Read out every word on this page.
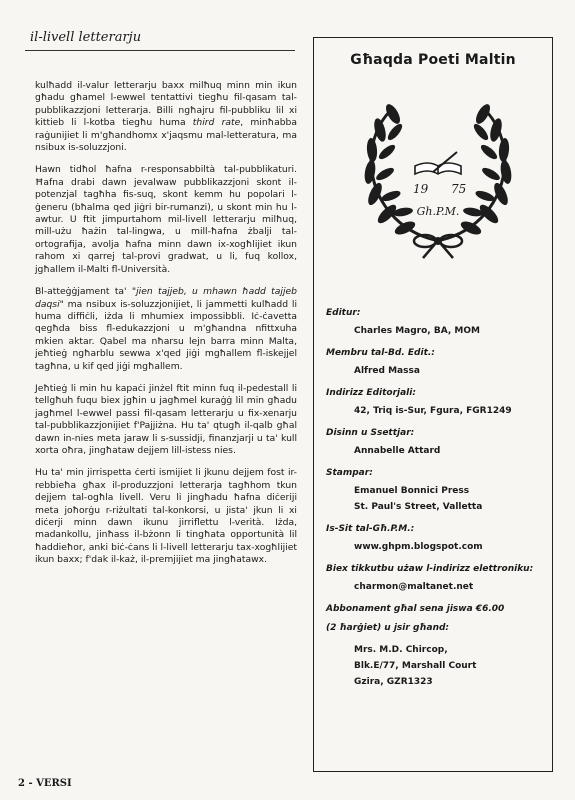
il-livell letterarju

kulħadd il-valur letterarju baxx milħuq minn min ikun għadu għamel l-ewwel tentattivi tiegħu fil-qasam tal-pubblikazzjoni letterarja. Billi ngħajru fil-pubbliku lil xi kittieb li l-kotba tiegħu huma third rate, minħabba raġunijiet li m'għandhomx x'jaqsmu mal-letteratura, ma nsibux is-soluzzjoni.

Hawn tidħol ħafna r-responsabbiltà tal-pubblikaturi. Ħafna drabi dawn jevalwaw pubblikazzjoni skont il-potenzjal tagħha fis-suq, skont kemm hu popolari l-ġeneru (bħalma qed jiġri bir-rumanzi), u skont min hu l-awtur. U ftit jimpurtahom mil-livell letterarju milħuq, mill-użu ħażin tal-lingwa, u mill-ħafna żbalji tal-ortografija, avolja ħafna minn dawn ix-xogħlijiet ikun rahom xi qarrej tal-provi gradwat, u li, fuq kollox, jgħallem il-Malti fl-Università.

Bl-atteġġjament ta' "jien tajjeb, u mhawn ħadd tajjeb daqsi" ma nsibux is-soluzzjonijiet, li jammetti kulħadd li huma diffiċli, iżda li mhumiex impossibbli. Iċ-ċavetta qegħda biss fl-edukazzjoni u m'għandna nfittxuha mkien aktar. Qabel ma nħarsu lejn barra minn Malta, jeħtieġ ngħarblu sewwa x'qed jiġi mgħallem fl-iskejjel tagħna, u kif qed jiġi mgħallem.

Jeħtieġ li min hu kapaċi jinżel ftit minn fuq il-pedestall li tellgħuh fuqu biex jgħin u jagħmel kuraġġ lil min għadu jagħmel l-ewwel passi fil-qasam letterarju u fix-xenarju tal-pubblikazzjonijiet f'Pajjiżna. Hu ta' qtugħ il-qalb għal dawn in-nies meta jaraw li s-sussidji, finanzjarji u ta' kull xorta oħra, jingħataw dejjem lill-istess nies.

Hu ta' min jirrispetta ċerti ismijiet li jkunu dejjem fost ir-rebbieħa għax il-produzzjoni letterarja tagħhom tkun dejjem tal-ogħla livell. Veru li jingħadu ħafna diċeriji meta joħorġu r-riżultati tal-konkorsi, u jista' jkun li xi diċerji minn dawn ikunu jirriflettu l-verità. Iżda, madankollu, jinħass il-bżonn li tingħata opportunità lil ħaddieħor, anki biċ-ċans li l-livell letterarju tax-xogħlijiet ikun baxx; f'dak il-każ, il-premjijiet ma jingħatawx.

Għaqda Poeti Maltin
19 75
Gh.P.M.

Editur:

Charles Magro, BA, MOM

Membru tal-Bd. Edit.:

Alfred Massa

Indirizz Editorjali:

42, Triq is-Sur, Fgura, FGR1249

Disinn u Ssettjar:

Annabelle Attard

Stampar:

Emanuel Bonnici Press

St. Paul's Street, Valletta

Is-Sit tal-Għ.P.M.:

www.ghpm.blogspot.com

Biex tikkutbu użaw l-indirizz elettroniku:

charmon@maltanet.net

Abbonament għal sena jiswa €6.00

(2 ħarġiet) u jsir għand:

Mrs. M.D. Chircop,

Blk.E/77, Marshall Court

Gzira, GZR1323

2 - VERSI
